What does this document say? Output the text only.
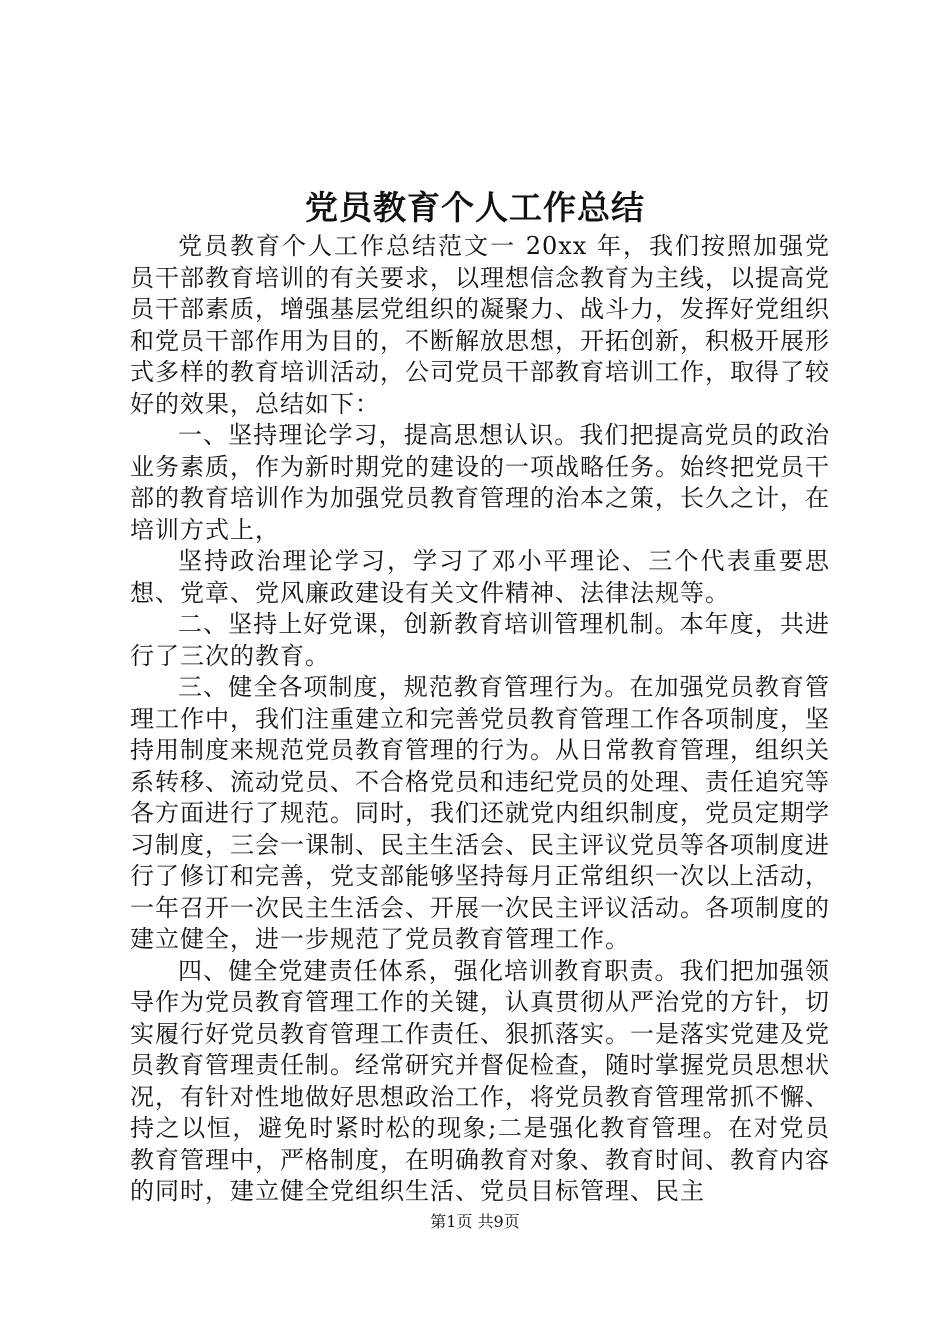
党员教育个人工作总结

党员教育个人工作总结范文一 20xx 年，我们按照加强党员干部教育培训的有关要求，以理想信念教育为主线，以提高党员干部素质，增强基层党组织的凝聚力、战斗力，发挥好党组织和党员干部作用为目的，不断解放思想，开拓创新，积极开展形式多样的教育培训活动，公司党员干部教育培训工作，取得了较好的效果，总结如下：

一、坚持理论学习，提高思想认识。我们把提高党员的政治业务素质，作为新时期党的建设的一项战略任务。始终把党员干部的教育培训作为加强党员教育管理的治本之策，长久之计，在培训方式上，

坚持政治理论学习，学习了邓小平理论、三个代表重要思想、党章、党风廉政建设有关文件精神、法律法规等。

二、坚持上好党课，创新教育培训管理机制。本年度，共进行了三次的教育。

三、健全各项制度，规范教育管理行为。在加强党员教育管理工作中，我们注重建立和完善党员教育管理工作各项制度，坚持用制度来规范党员教育管理的行为。从日常教育管理，组织关系转移、流动党员、不合格党员和违纪党员的处理、责任追究等各方面进行了规范。同时，我们还就党内组织制度，党员定期学习制度，三会一课制、民主生活会、民主评议党员等各项制度进行了修订和完善，党支部能够坚持每月正常组织一次以上活动，一年召开一次民主生活会、开展一次民主评议活动。各项制度的建立健全，进一步规范了党员教育管理工作。

四、健全党建责任体系，强化培训教育职责。我们把加强领导作为党员教育管理工作的关键，认真贯彻从严治党的方针，切实履行好党员教育管理工作责任、狠抓落实。一是落实党建及党员教育管理责任制。经常研究并督促检查，随时掌握党员思想状况，有针对性地做好思想政治工作，将党员教育管理常抓不懈、持之以恒，避免时紧时松的现象;二是强化教育管理。在对党员教育管理中，严格制度，在明确教育对象、教育时间、教育内容的同时，建立健全党组织生活、党员目标管理、民主

第1页 共9页
